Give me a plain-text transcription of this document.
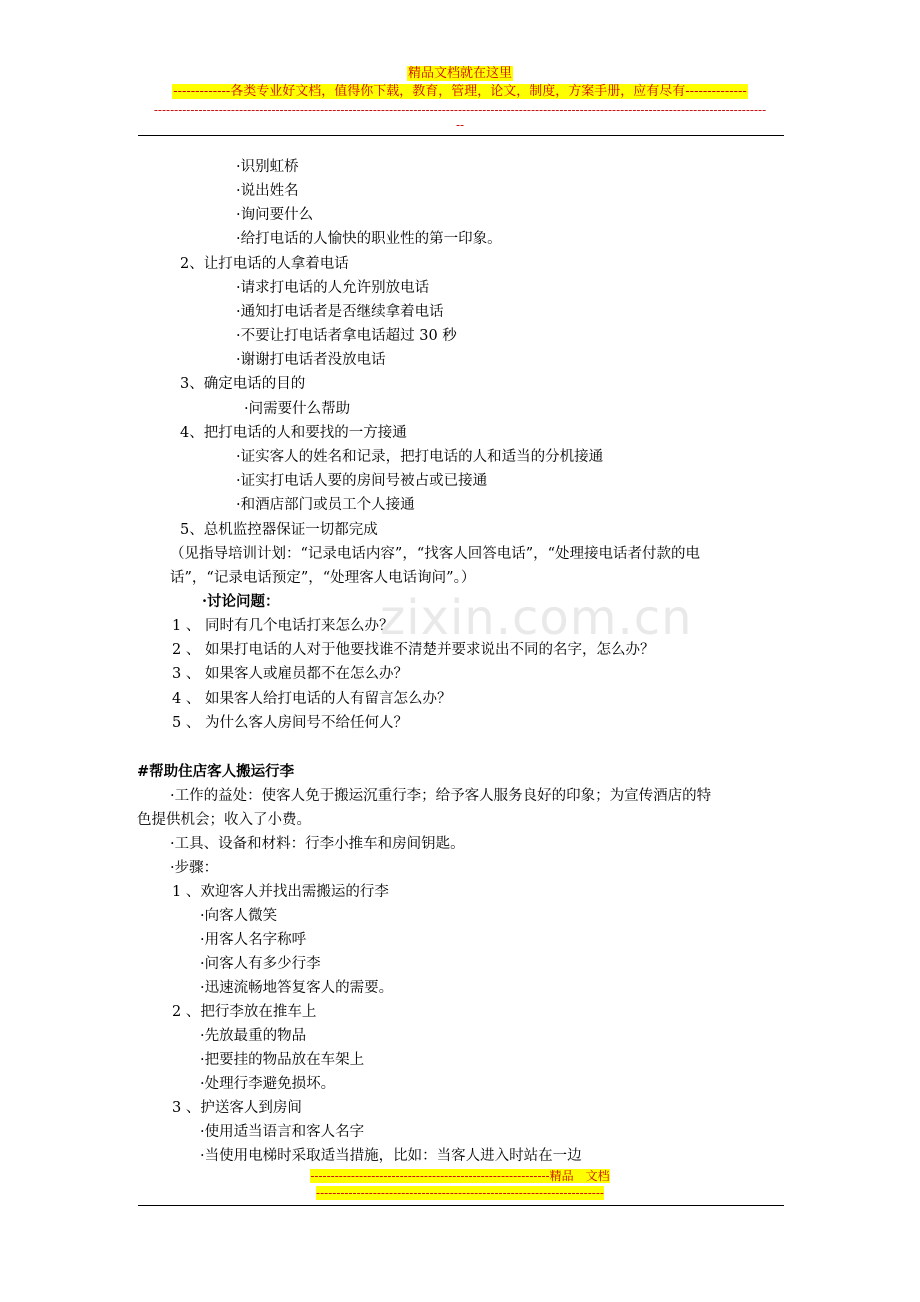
精品文档就在这里
-------------各类专业好文档，值得你下载，教育，管理，论文，制度，方案手册，应有尽有--------------
-------------------------------------------------------------------------------------------------------------------------------------------------------
--
zixin.com.cn
·识别虹桥
·说出姓名
·询问要什么
·给打电话的人愉快的职业性的第一印象。
2、让打电话的人拿着电话
·请求打电话的人允许别放电话
·通知打电话者是否继续拿着电话
·不要让打电话者拿电话超过 30 秒
·谢谢打电话者没放电话
3、确定电话的目的
·问需要什么帮助
4、把打电话的人和要找的一方接通
·证实客人的姓名和记录，把打电话的人和适当的分机接通
·证实打电话人要的房间号被占或已接通
·和酒店部门或员工个人接通
5、总机监控器保证一切都完成
（见指导培训计划：“记录电话内容”，“找客人回答电话”，“处理接电话者付款的电
话”，“记录电话预定”，“处理客人电话询问”。）
·讨论问题：
1 、 同时有几个电话打来怎么办？
2 、 如果打电话的人对于他要找谁不清楚并要求说出不同的名字，怎么办？
3 、 如果客人或雇员都不在怎么办？
4 、 如果客人给打电话的人有留言怎么办？
5 、 为什么客人房间号不给任何人？
#帮助住店客人搬运行李
·工作的益处：使客人免于搬运沉重行李；给予客人服务良好的印象；为宣传酒店的特
色提供机会；收入了小费。
·工具、设备和材料：行李小推车和房间钥匙。
·步骤：
1 、欢迎客人并找出需搬运的行李
·向客人微笑
·用客人名字称呼
·问客人有多少行李
·迅速流畅地答复客人的需要。
2 、把行李放在推车上
·先放最重的物品
·把要挂的物品放在车架上
·处理行李避免损坏。
3 、护送客人到房间
·使用适当语言和客人名字
·当使用电梯时采取适当措施，比如：当客人进入时站在一边
-----------------------------------------------------------精品　文档
-----------------------------------------------------------------------
